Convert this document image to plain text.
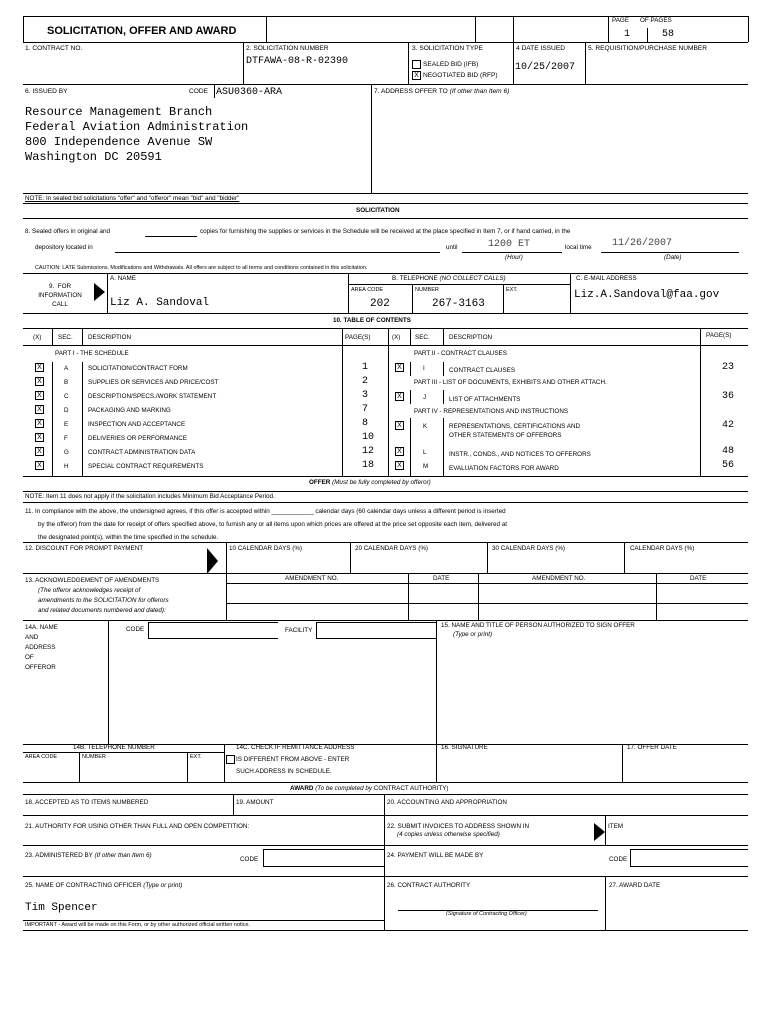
SOLICITATION, OFFER AND AWARD
PAGE OF PAGES
1	58
1. CONTRACT NO.	2. SOLICITATION NUMBER
DTFAWA-08-R-02390
3. SOLICITATION TYPE
SEALED BID (IFB)
X NEGOTIATED BID (RFP)
4 DATE ISSUED
10/25/2007
5. REQUISITION/PURCHASE NUMBER
6. ISSUED BY	CODE ASU0360-ARA	7. ADDRESS OFFER TO (If other than Item 6)
Resource Management Branch
Federal Aviation Administration
800 Independence Avenue SW
Washington DC 20591
NOTE: In sealed bid solicitations "offer" and "offeror" mean "bid" and "bidder"
SOLICITATION
8. Sealed offers in original and	copies for furnishing the supplies or services in the Schedule will be received at the place specified in Item 7, or if hand carried, in the
depository located in	until	1200 ET	local time 11/26/2007
(Hour)	(Date)
CAUTION: LATE Submissions, Modifications and Withdrawals. All offers are subject to all terms and conditions contained in this solicitation.
9.  FOR
INFORMATION
CALL
A. NAME
Liz A. Sandoval
B. TELEPHONE (NO COLLECT CALLS)
AREA CODE	NUMBER	EXT.
202	267-3163
C. E-MAIL ADDRESS
Liz.A.Sandoval@faa.gov
10. TABLE OF CONTENTS
(X)	SEC. DESCRIPTION	PAGE(S)	(X) SEC.	DESCRIPTION	PAGE(S)
PART I - THE SCHEDULE	PART II - CONTRACT CLAUSES
PART III - LIST OF DOCUMENTS, EXHIBITS AND OTHER ATTACH.
PART IV - REPRESENTATIONS AND INSTRUCTIONS
X	A	SOLICITATION/CONTRACT FORM	1
X	B	SUPPLIES OR SERVICES AND PRICE/COST	2
X	C	DESCRIPTION/SPECS./WORK STATEMENT	3
X	D	PACKAGING AND MARKING	7
X	E	INSPECTION AND ACCEPTANCE	8
X	F	DELIVERIES OR PERFORMANCE	10
X	G	CONTRACT ADMINISTRATION DATA	12
X	H	SPECIAL CONTRACT REQUIREMENTS	18
X	I	CONTRACT CLAUSES	23
X	J	LIST OF ATTACHMENTS	36
X	K	REPRESENTATIONS, CERTIFICATIONS AND
OTHER STATEMENTS OF OFFERORS
42
X	L	INSTR., CONDS., AND NOTICES TO OFFERORS	48
X	M	EVALUATION FACTORS FOR AWARD	56
OFFER (Must be fully completed by offeror)
NOTE: Item 11 does not apply if the solicitation includes Minimum Bid Acceptance Period.
11. In compliance with the above, the undersigned agrees, if this offer is accepted within ____________ calendar days (60 calendar days unless a different period is inserted
by the offeror) from the date for receipt of offers specified above, to furnish any or all items upon which prices are offered at the price set opposite each item, delivered at
the designated point(s), within the time specified in the schedule.
12. DISCOUNT FOR PROMPT PAYMENT	10 CALENDAR DAYS (%)	20 CALENDAR DAYS (%)	30 CALENDAR DAYS (%)	CALENDAR DAYS (%)
13. ACKNOWLEDGEMENT OF AMENDMENTS
(The offeror acknowledges receipt of
amendments to the SOLICITATION for offerors
and related documents numbered and dated):
AMENDMENT NO.	DATE	AMENDMENT NO.	DATE
14A. NAME
AND
ADDRESS
OF
OFFEROR
CODE	FACILITY
15. NAME AND TITLE OF PERSON AUTHORIZED TO SIGN OFFER
(Type or print)
14B. TELEPHONE NUMBER
AREA CODE	NUMBER	EXT.
14C. CHECK IF REMITTANCE ADDRESS
IS DIFFERENT FROM ABOVE - ENTER
SUCH ADDRESS IN SCHEDULE.
16. SIGNATURE	17. OFFER DATE
AWARD (To be completed by CONTRACT AUTHORITY)
18. ACCEPTED AS TO ITEMS NUMBERED	19. AMOUNT	20. ACCOUNTING AND APPROPRIATION
21. AUTHORITY FOR USING OTHER THAN FULL AND OPEN COMPETITION:	22. SUBMIT INVOICES TO ADDRESS SHOWN IN
(4 copies unless otherwise specified)
ITEM
23. ADMINISTERED BY (If other than Item 6)
CODE
24. PAYMENT WILL BE MADE BY
CODE
25. NAME OF CONTRACTING OFFICER (Type or print)
Tim Spencer
26. CONTRACT AUTHORITY
(Signature of Contracting Officer)
27. AWARD DATE
IMPORTANT - Award will be made on this Form, or by other authorized official written notice.
